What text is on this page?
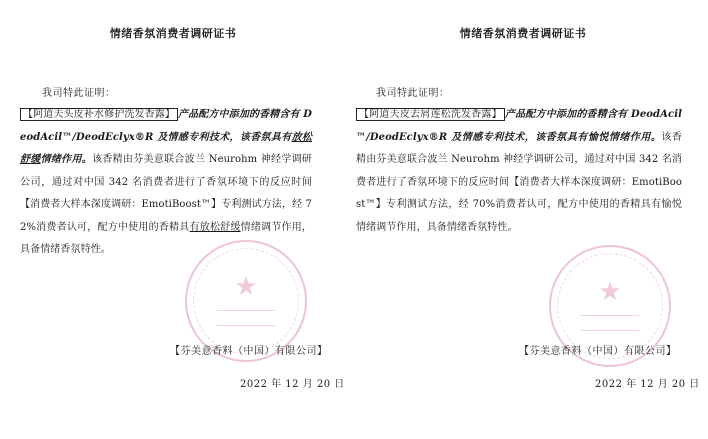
★
情绪香氛消费者调研证书
我司特此证明：
【阿道夫头皮补水修护洗发香露】 产品配方中添加的香精含有 DeodAcil™/DeodEclyx®R 及情感专利技术，该香氛具有放松舒缓情绪作用。该香精由芬美意联合波兰 Neurohm 神经学调研公司，通过对中国 342 名消费者进行了香氛环境下的反应时间【消费者大样本深度调研：EmotiBoost™】专利测试方法，经 72%消费者认可，配方中使用的香精具有放松舒缓情绪调节作用，具备情绪香氛特性。
【芬美意香料（中国）有限公司】
2022 年 12 月 20 日
★
情绪香氛消费者调研证书
我司特此证明：
【阿道夫皮去屑莲松洗发香露】 产品配方中添加的香精含有 DeodAcil™/DeodEclyx®R 及情感专利技术，该香氛具有愉悦情绪作用。该香精由芬美意联合波兰 Neurohm 神经学调研公司，通过对中国 342 名消费者进行了香氛环境下的反应时间【消费者大样本深度调研：EmotiBoost™】专利测试方法，经 70%消费者认可，配方中使用的香精具有愉悦情绪调节作用，具备情绪香氛特性。
【芬美意香料（中国）有限公司】
2022 年 12 月 20 日
